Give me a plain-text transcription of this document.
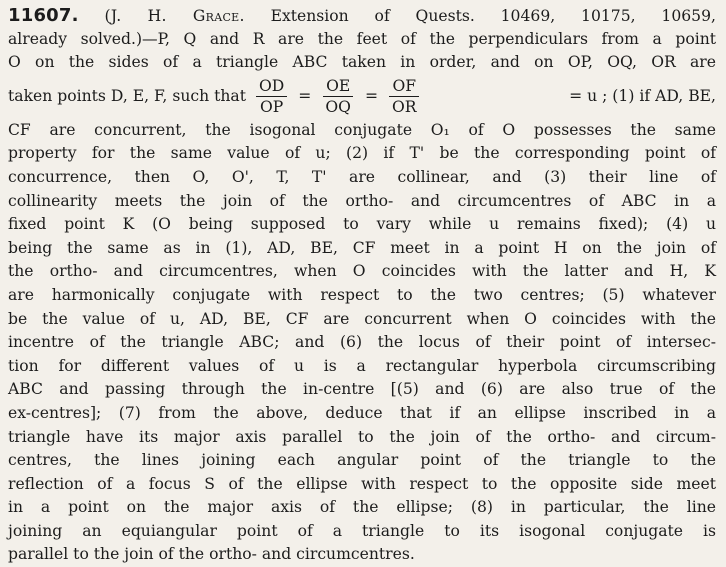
11607. (J. H. Grace. Extension of Quests. 10469, 10175, 10659,
already solved.)—P, Q and R are the feet of the perpendiculars from a point
O on the sides of a triangle ABC taken in order, and on OP, OQ, OR are
taken points D, E, F, such that $\frac{OD}{OP} = \frac{OE}{OQ} = \frac{OF}{OR}$	= u ; (1) if AD, BE,
CF are concurrent, the isogonal conjugate O₁ of O possesses the same
property for the same value of u; (2) if T' be the corresponding point of
concurrence, then O, O', T, T' are collinear, and (3) their line of
collinearity meets the join of the ortho- and circumcentres of ABC in a
fixed point K (O being supposed to vary while u remains fixed); (4) u
being the same as in (1), AD, BE, CF meet in a point H on the join of
the ortho- and circumcentres, when O coincides with the latter and H, K
are harmonically conjugate with respect to the two centres; (5) whatever
be the value of u, AD, BE, CF are concurrent when O coincides with the
incentre of the triangle ABC; and (6) the locus of their point of intersec-
tion for different values of u is a rectangular hyperbola circumscribing
ABC and passing through the in-centre [(5) and (6) are also true of the
ex-centres]; (7) from the above, deduce that if an ellipse inscribed in a
triangle have its major axis parallel to the join of the ortho- and circum-
centres, the lines joining each angular point of the triangle to the
reflection of a focus S of the ellipse with respect to the opposite side meet
in a point on the major axis of the ellipse; (8) in particular, the line
joining an equiangular point of a triangle to its isogonal conjugate is
parallel to the join of the ortho- and circumcentres.
